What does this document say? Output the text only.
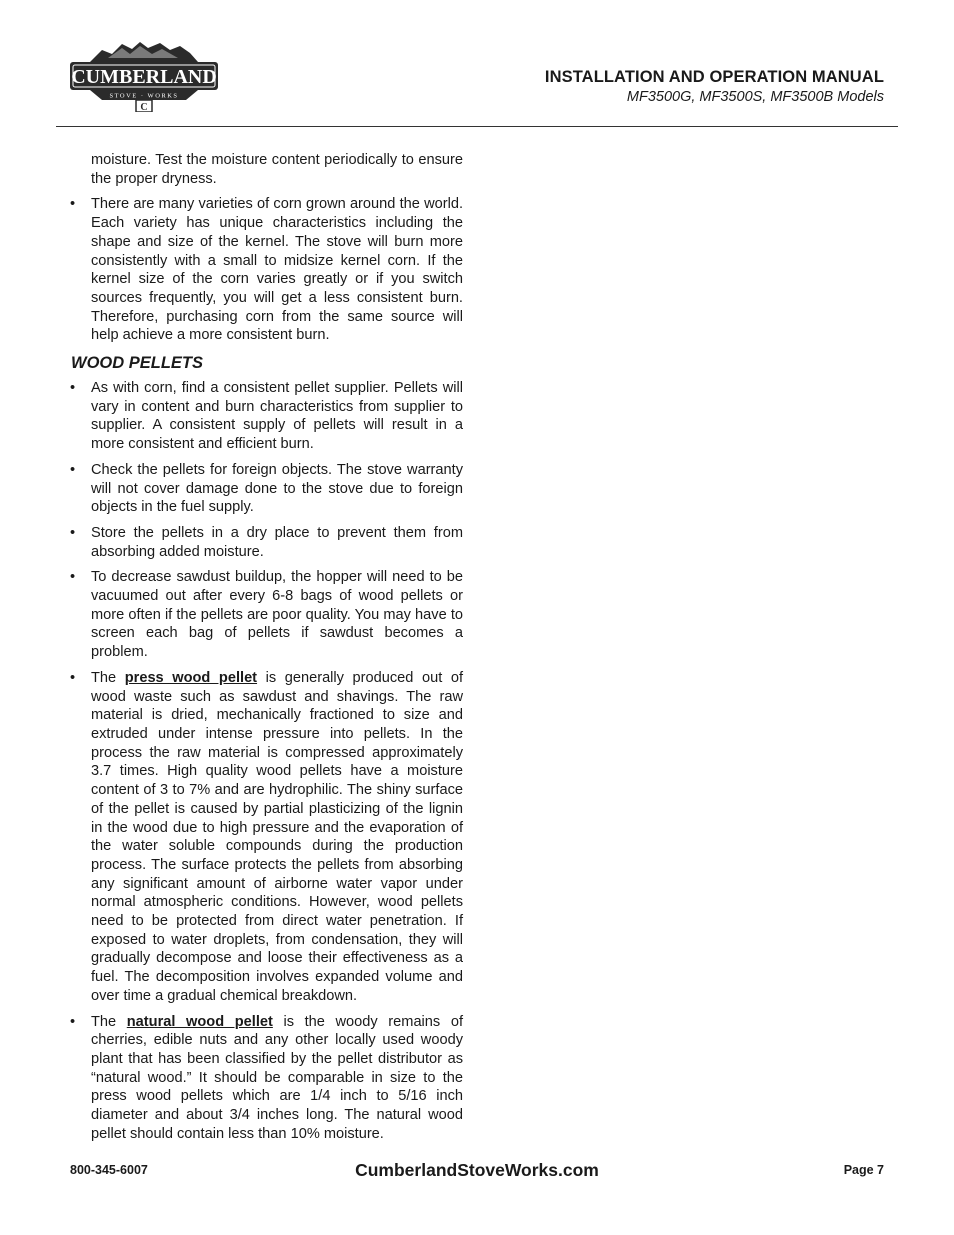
CUMBERLAND
STOVE · WORKS
C
INSTALLATION AND OPERATION MANUAL
MF3500G, MF3500S, MF3500B Models
moisture. Test the moisture content periodically to ensure the proper dryness.
• There are many varieties of corn grown around the world. Each variety has unique characteristics including the shape and size of the kernel. The stove will burn more consistently with a small to midsize kernel corn. If the kernel size of the corn varies greatly or if you switch sources frequently, you will get a less consistent burn. Therefore, purchasing corn from the same source will help achieve a more consistent burn.
WOOD PELLETS
• As with corn, find a consistent pellet supplier. Pellets will vary in content and burn characteristics from supplier to supplier. A consistent supply of pellets will result in a more consistent and efficient burn.
• Check the pellets for foreign objects. The stove warranty will not cover damage done to the stove due to foreign objects in the fuel supply.
• Store the pellets in a dry place to prevent them from absorbing added moisture.
• To decrease sawdust buildup, the hopper will need to be vacuumed out after every 6-8 bags of wood pellets or more often if the pellets are poor quality. You may have to screen each bag of pellets if sawdust becomes a problem.
• The press wood pellet is generally produced out of wood waste such as sawdust and shavings. The raw material is dried, mechanically fractioned to size and extruded under intense pressure into pellets. In the process the raw material is compressed approximately 3.7 times. High quality wood pellets have a moisture content of 3 to 7% and are hydrophilic. The shiny surface of the pellet is caused by partial plasticizing of the lignin in the wood due to high pressure and the evaporation of the water soluble compounds during the production process. The surface protects the pellets from absorbing any significant amount of airborne water vapor under normal atmospheric conditions. However, wood pellets need to be protected from direct water penetration. If exposed to water droplets, from condensation, they will gradually decompose and loose their effectiveness as a fuel. The decomposition involves expanded volume and over time a gradual chemical breakdown.
• The natural wood pellet is the woody remains of cherries, edible nuts and any other locally used woody plant that has been classified by the pellet distributor as “natural wood.” It should be comparable in size to the press wood pellets which are 1/4 inch to 5/16 inch diameter and about 3/4 inches long. The natural wood pellet should contain less than 10% moisture.
800-345-6007	CumberlandStoveWorks.com	Page 7
